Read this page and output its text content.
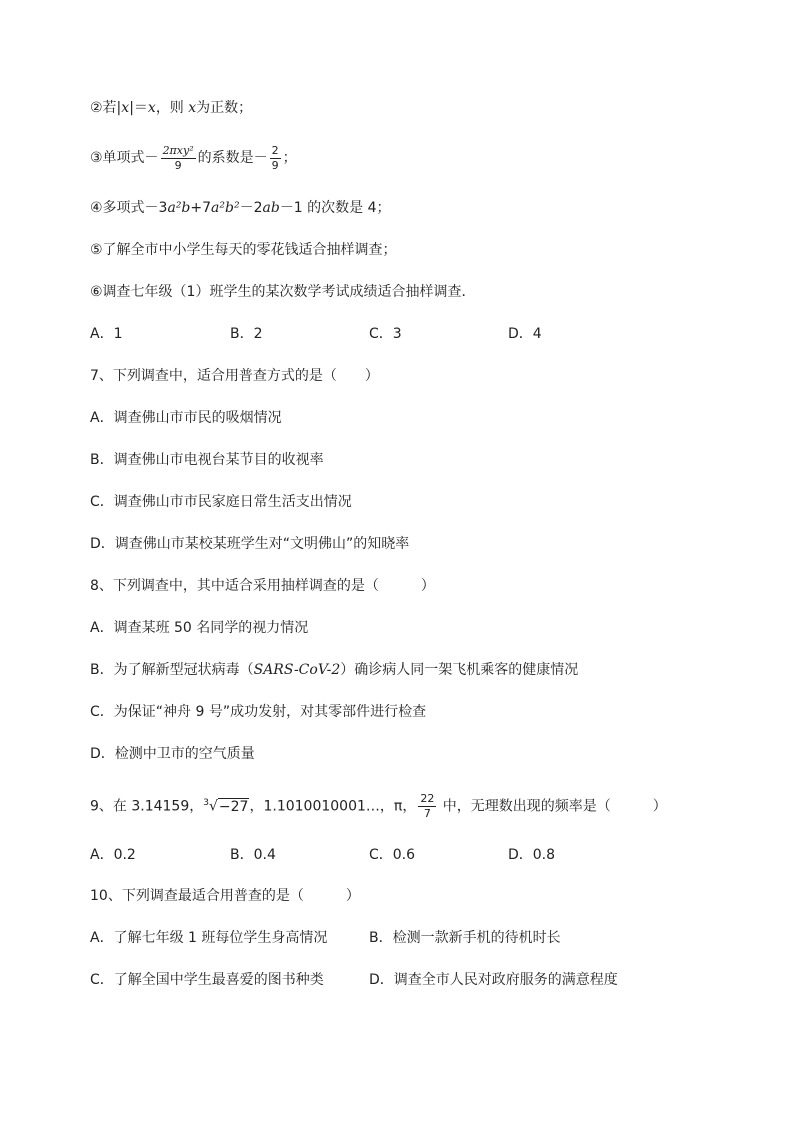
②若|x|＝x，则 x为正数；
③单项式－ $\frac{\text{2πxy²}}{9}$ 的系数是－ $\frac{2}{9}$ ；
④多项式－3a²b+7a²b²－2ab－1 的次数是 4；
⑤了解全市中小学生每天的零花钱适合抽样调查；
⑥调查七年级（1）班学生的某次数学考试成绩适合抽样调查．
A．1	B．2	C．3	D．4
7、下列调查中，适合用普查方式的是（　　）
A．调查佛山市市民的吸烟情况
B．调查佛山市电视台某节目的收视率
C．调查佛山市市民家庭日常生活支出情况
D．调查佛山市某校某班学生对“文明佛山”的知晓率
8、下列调查中，其中适合采用抽样调查的是（　　　）
A．调查某班 50 名同学的视力情况
B．为了解新型冠状病毒（SARS-CoV-2）确诊病人同一架飞机乘客的健康情况
C．为保证“神舟 9 号”成功发射，对其零部件进行检查
D．检测中卫市的空气质量
9、在 3.14159，$^3$√−27，1.1010010001…，π， $\frac{22}{7}$ 中，无理数出现的频率是（　　　）
A．0.2	B．0.4	C．0.6	D．0.8
10、下列调查最适合用普查的是（　　　）
A．了解七年级 1 班每位学生身高情况	B．检测一款新手机的待机时长
C．了解全国中学生最喜爱的图书种类	D．调查全市人民对政府服务的满意程度
